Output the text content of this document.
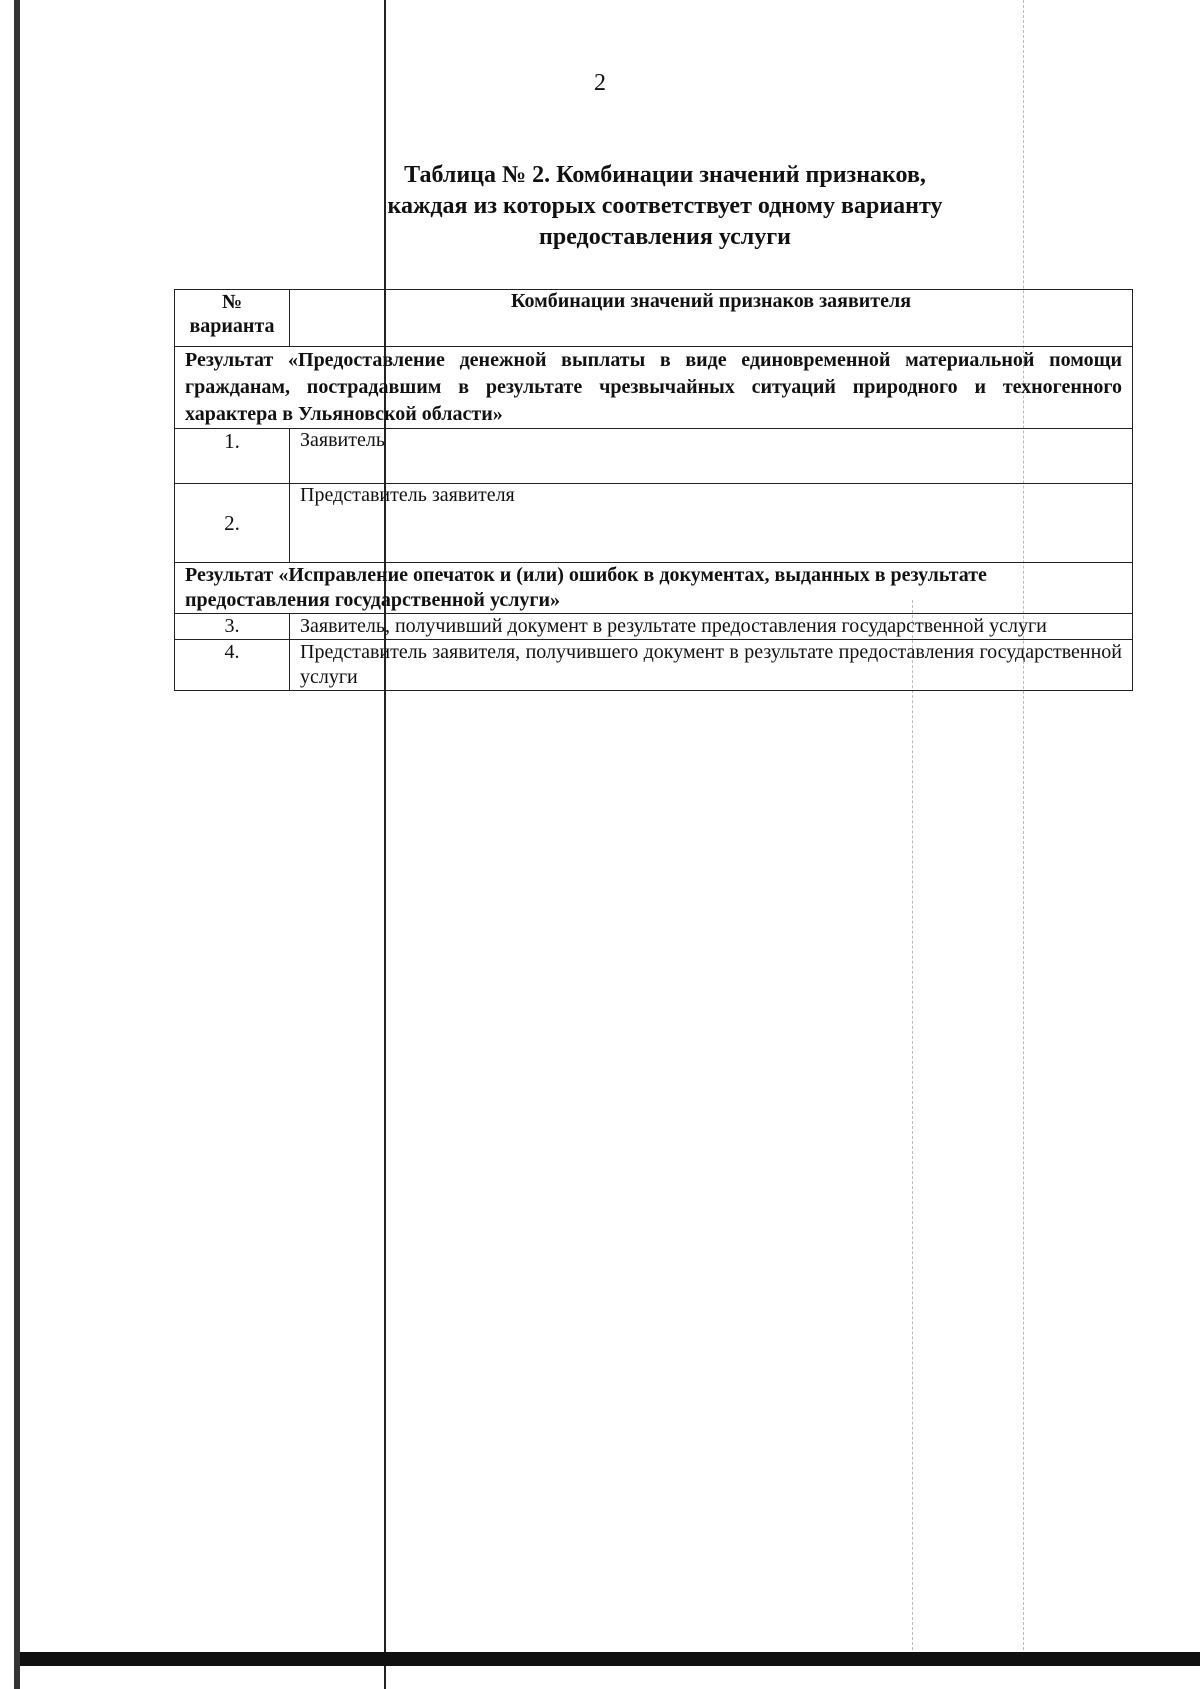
2
Таблица № 2. Комбинации значений признаков,
каждая из которых соответствует одному варианту
предоставления услуги
№
варианта	Комбинации значений признаков заявителя
Результат «Предоставление денежной выплаты в виде единовременной материальной помощи гражданам, пострадавшим в результате чрезвычайных ситуаций природного и техногенного характера в Ульяновской области»	
1.	Заявитель
2.	Представитель заявителя
Результат «Исправление опечаток и (или) ошибок в документах, выданных в результате предоставления государственной услуги»	
3.	Заявитель, получивший документ в результате предоставления государственной услуги
4.	Представитель заявителя, получившего документ в результате предоставления государственной услуги
